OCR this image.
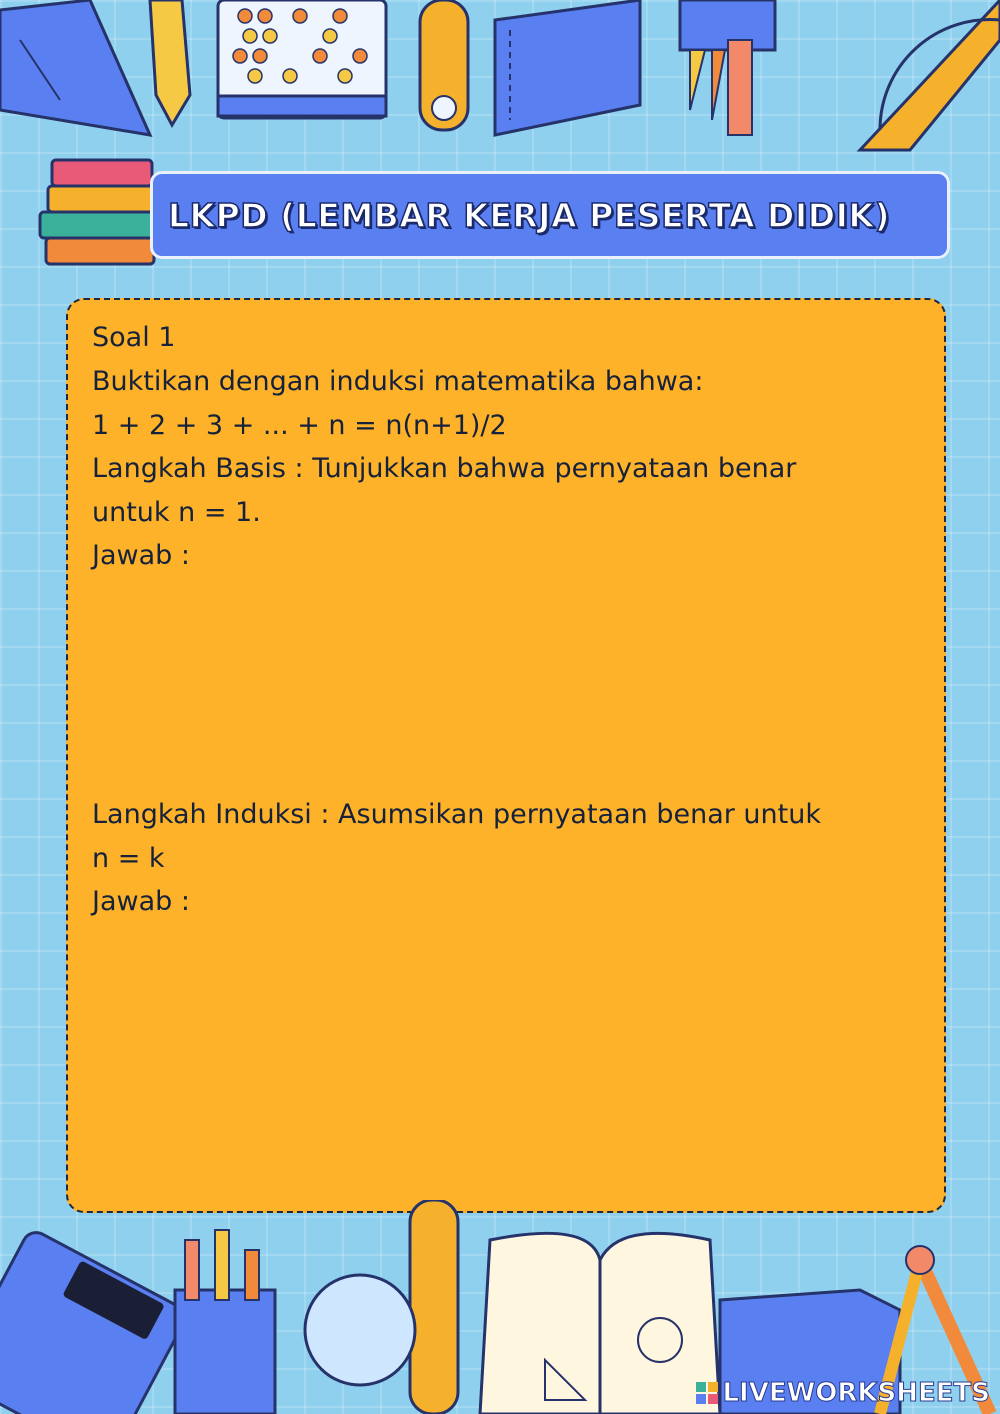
LKPD (LEMBAR KERJA PESERTA DIDIK)
Soal 1
Buktikan dengan induksi matematika bahwa:
1 + 2 + 3 + ... + n = n(n+1)/2
Langkah Basis : Tunjukkan bahwa pernyataan benar
untuk n = 1.
Jawab :
Langkah Induksi : Asumsikan pernyataan benar untuk
n = k
Jawab :
LIVEWORKSHEETS
